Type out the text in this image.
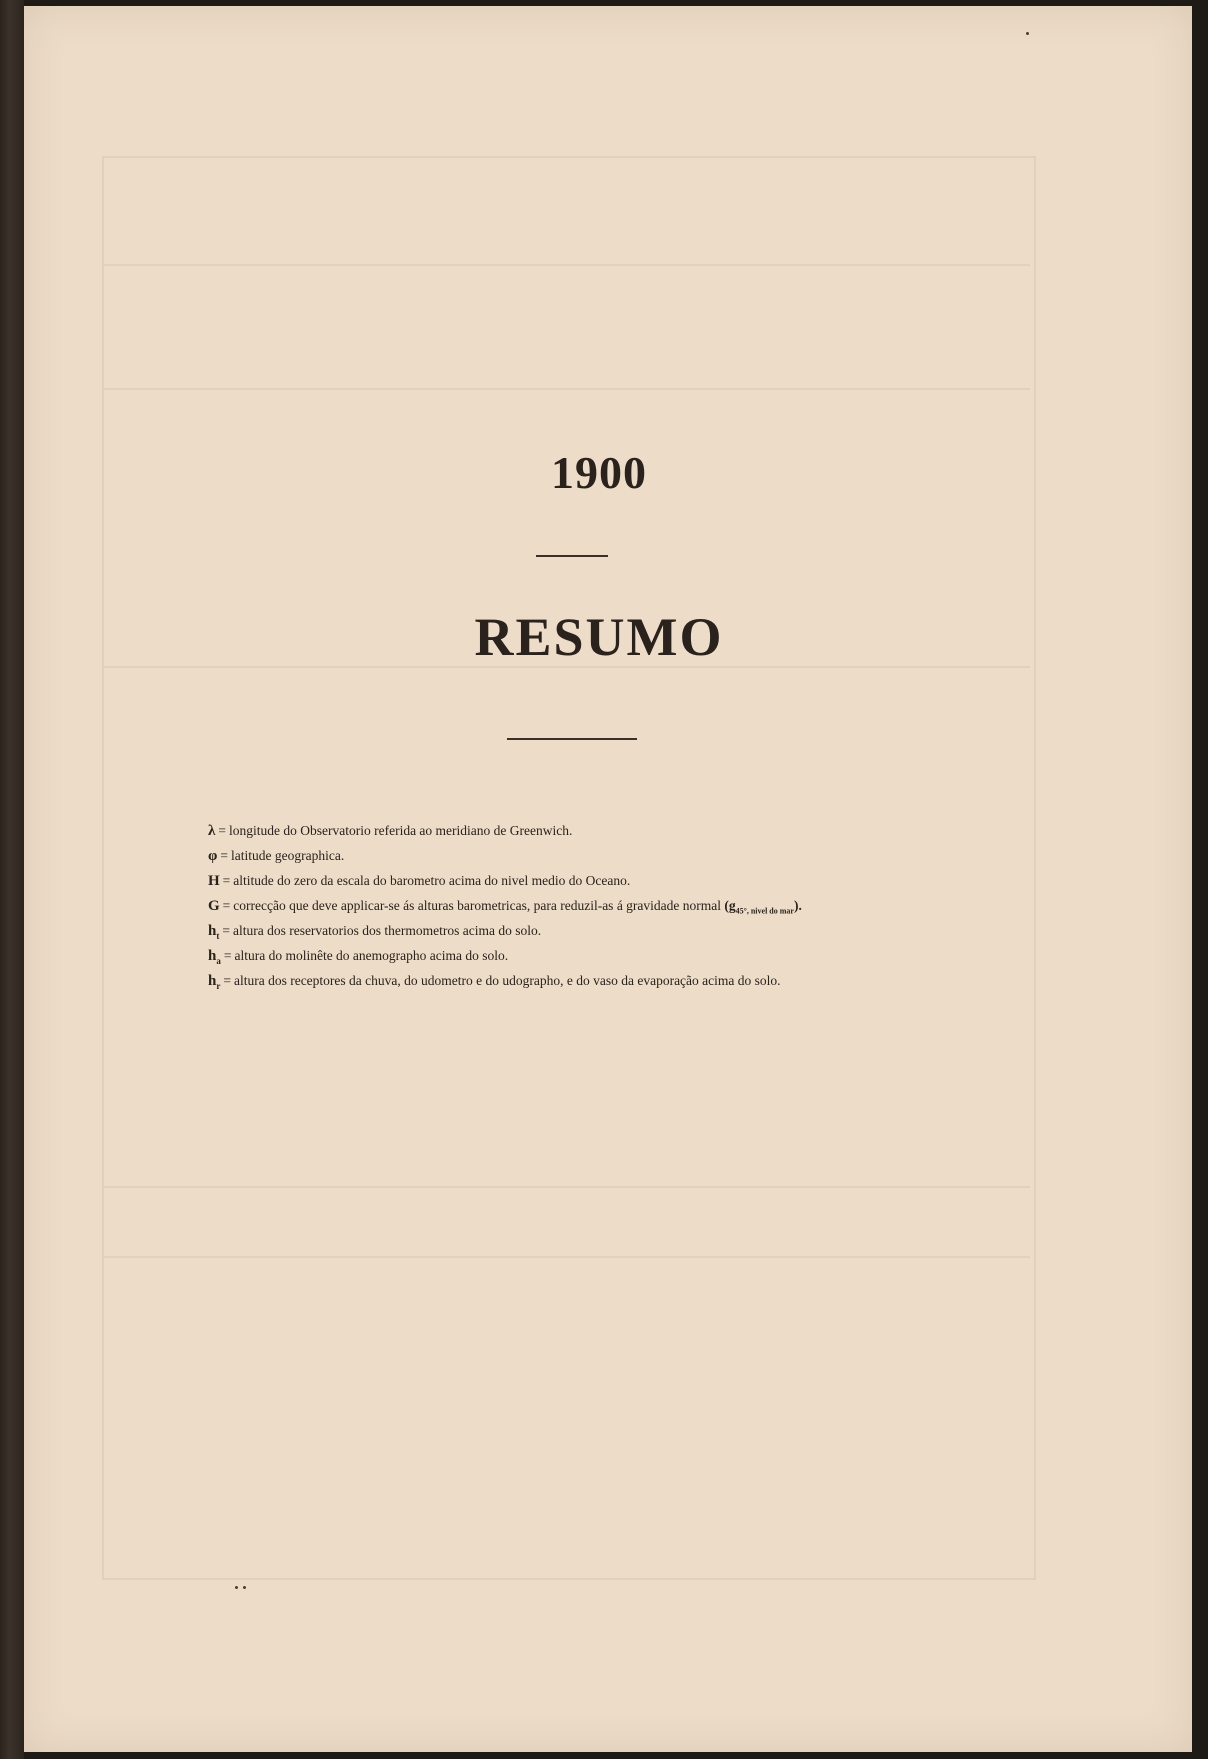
1900
RESUMO
λ = longitude do Observatorio referida ao meridiano de Greenwich.
φ = latitude geographica.
H = altitude do zero da escala do barometro acima do nivel medio do Oceano.
G = correcção que deve applicar-se ás alturas barometricas, para reduzil-as á gravidade normal $(g_{45^\circ, nivel do mar})$.
$h_t$ = altura dos reservatorios dos thermometros acima do solo.
$h_a$ = altura do molinête do anemographo acima do solo.
$h_r$ = altura dos receptores da chuva, do udometro e do udographo, e do vaso da evaporação acima do solo.
